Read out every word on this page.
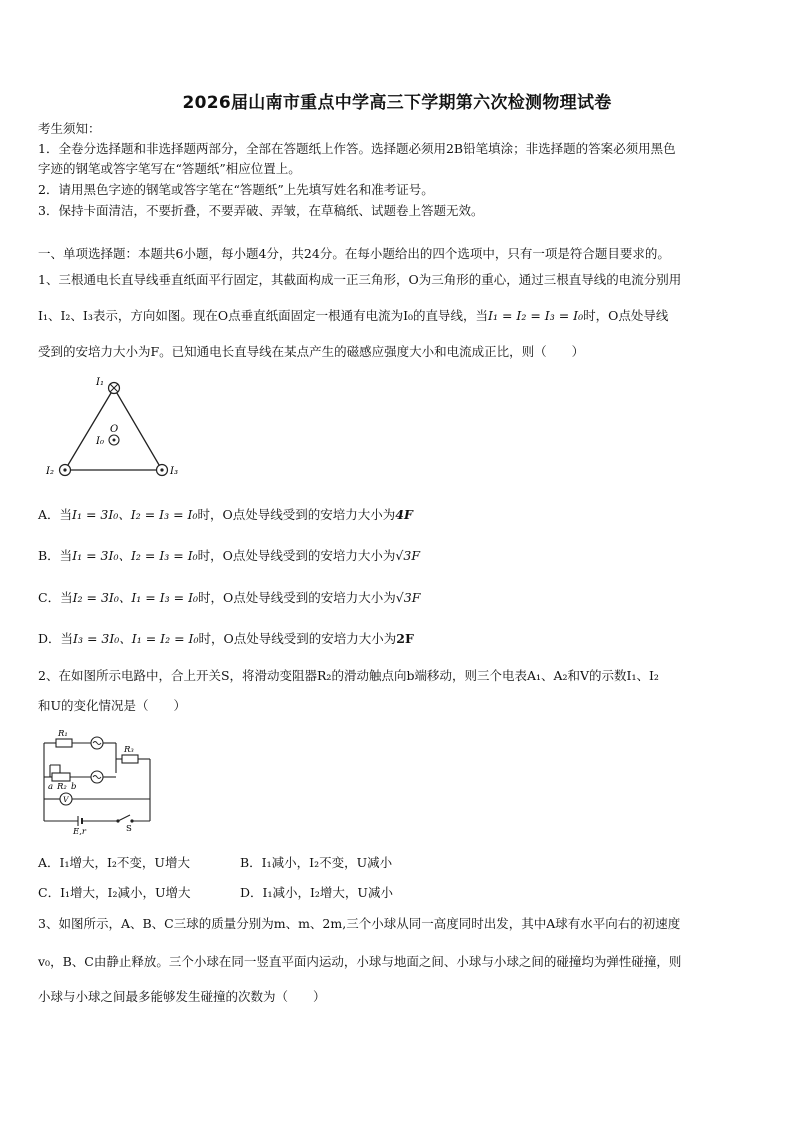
2026届山南市重点中学高三下学期第六次检测物理试卷
考生须知：
1．全卷分选择题和非选择题两部分，全部在答题纸上作答。选择题必须用2B铅笔填涂；非选择题的答案必须用黑色
字迹的钢笔或答字笔写在“答题纸”相应位置上。
2．请用黑色字迹的钢笔或答字笔在“答题纸”上先填写姓名和准考证号。
3．保持卡面清洁，不要折叠，不要弄破、弄皱，在草稿纸、试题卷上答题无效。
一、单项选择题：本题共6小题，每小题4分，共24分。在每小题给出的四个选项中，只有一项是符合题目要求的。
1、三根通电长直导线垂直纸面平行固定，其截面构成一正三角形，O为三角形的重心，通过三根直导线的电流分别用
I₁、I₂、I₃表示，方向如图。现在O点垂直纸面固定一根通有电流为I₀的直导线，当I₁ = I₂ = I₃ = I₀时，O点处导线
受到的安培力大小为F。已知通电长直导线在某点产生的磁感应强度大小和电流成正比，则（　　）
I₁
I₂	I₃
O
I₀
A．当I₁ = 3I₀、I₂ = I₃ = I₀时，O点处导线受到的安培力大小为4F
B．当I₁ = 3I₀、I₂ = I₃ = I₀时，O点处导线受到的安培力大小为√3F
C．当I₂ = 3I₀、I₁ = I₃ = I₀时，O点处导线受到的安培力大小为√3F
D．当I₃ = 3I₀、I₁ = I₂ = I₀时，O点处导线受到的安培力大小为2F
2、在如图所示电路中，合上开关S，将滑动变阻器R₂的滑动触点向b端移动，则三个电表A₁、A₂和V的示数I₁、I₂
和U的变化情况是（　　）
R₁
R₃
a R₂ b
V
E,r	S
A．I₁增大，I₂不变，U增大	B．I₁减小，I₂不变，U减小
C．I₁增大，I₂减小，U增大	D．I₁减小，I₂增大，U减小
3、如图所示，A、B、C三球的质量分别为m、m、2m,三个小球从同一高度同时出发，其中A球有水平向右的初速度
v₀，B、C由静止释放。三个小球在同一竖直平面内运动，小球与地面之间、小球与小球之间的碰撞均为弹性碰撞，则
小球与小球之间最多能够发生碰撞的次数为（　　）
